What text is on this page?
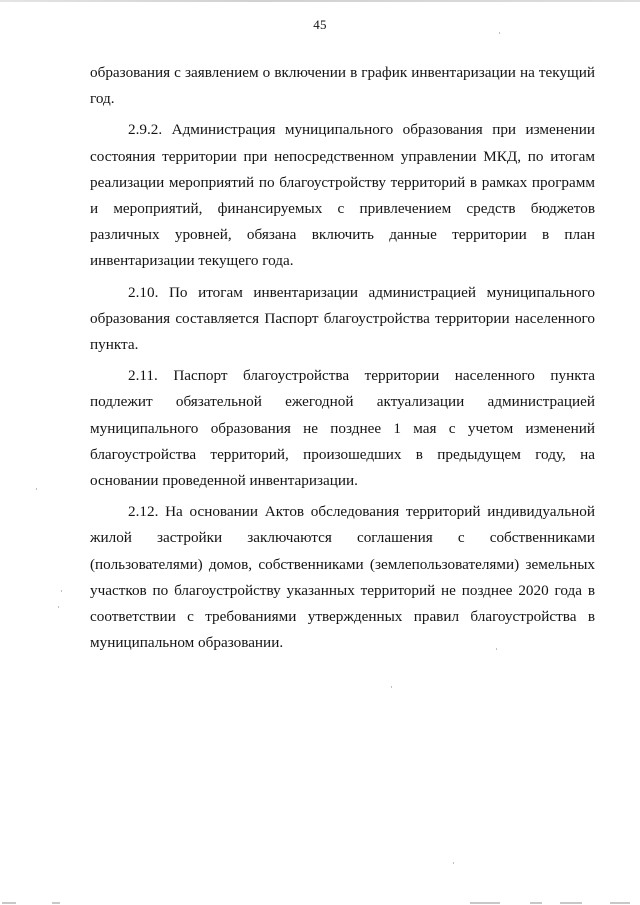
45

образования с заявлением о включении в график инвентаризации на текущий год.

2.9.2. Администрация муниципального образования при изменении состояния территории при непосредственном управлении МКД, по итогам реализации мероприятий по благоустройству территорий в рамках программ и мероприятий, финансируемых с привлечением средств бюджетов различных уровней, обязана включить данные территории в план инвентаризации текущего года.

2.10. По итогам инвентаризации администрацией муниципального образования составляется Паспорт благоустройства территории населенного пункта.

2.11. Паспорт благоустройства территории населенного пункта подлежит обязательной ежегодной актуализации администрацией муниципального образования не позднее 1 мая с учетом изменений благоустройства территорий, произошедших в предыдущем году, на основании проведенной инвентаризации.

2.12. На основании Актов обследования территорий индивидуальной жилой застройки заключаются соглашения с собственниками (пользователями) домов, собственниками (землепользователями) земельных участков по благоустройству указанных территорий не позднее 2020 года в соответствии с требованиями утвержденных правил благоустройства в муниципальном образовании.
